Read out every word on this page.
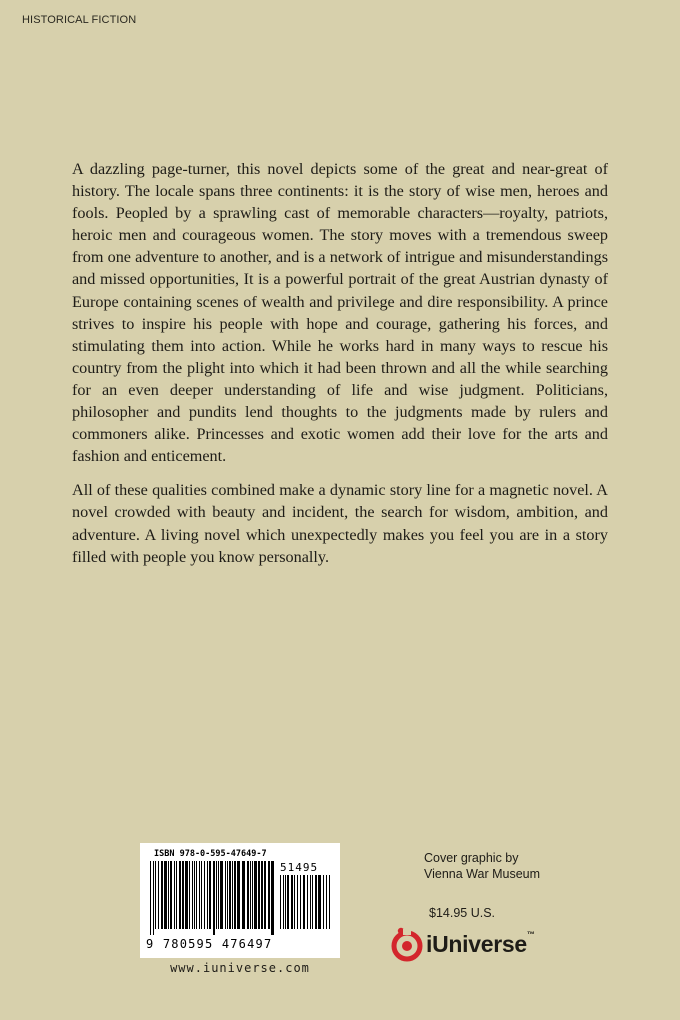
HISTORICAL FICTION

A dazzling page-turner, this novel depicts some of the great and near-great of history. The locale spans three continents: it is the story of wise men, heroes and fools. Peopled by a sprawling cast of memorable characters—royalty, patriots, heroic men and courageous women. The story moves with a tremendous sweep from one adventure to another, and is a network of intrigue and misunderstandings and missed opportunities, It is a powerful portrait of the great Austrian dynasty of Europe containing scenes of wealth and privilege and dire responsibility. A prince strives to inspire his people with hope and courage, gathering his forces, and stimulating them into action. While he works hard in many ways to rescue his country from the plight into which it had been thrown and all the while searching for an even deeper understanding of life and wise judgment. Politicians, philosopher and pundits lend thoughts to the judgments made by rulers and commoners alike. Princesses and exotic women add their love for the arts and fashion and enticement.

All of these qualities combined make a dynamic story line for a magnetic novel. A novel crowded with beauty and incident, the search for wisdom, ambition, and adventure. A living novel which unexpectedly makes you feel you are in a story filled with people you know personally.

ISBN 978-0-595-47649-7
51495
9 780595 476497
www.iuniverse.com
Cover graphic by
Vienna War Museum
$14.95 U.S.
iUniverse ™
